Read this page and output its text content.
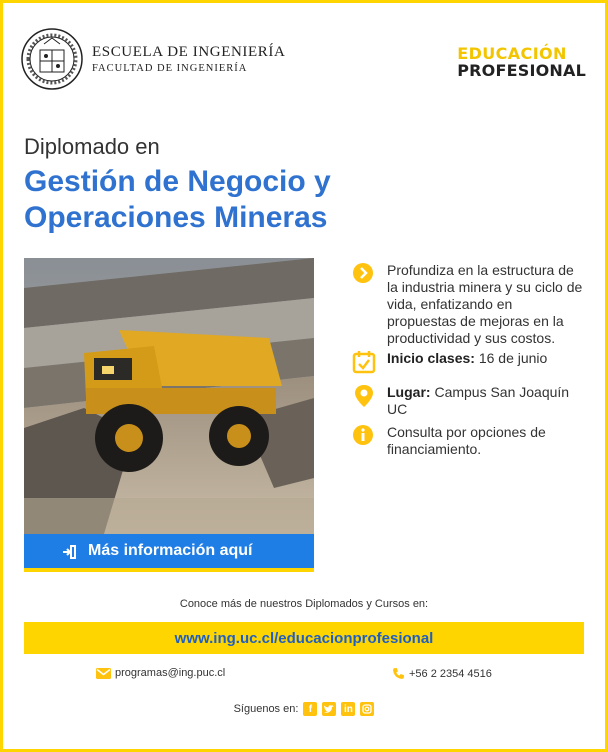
ESCUELA DE INGENIERÍA
FACULTAD DE INGENIERÍA
EDUCACIÓN
PROFESIONAL
Diplomado en
Gestión de Negocio y
Operaciones Mineras
Más información aquí
Profundiza en la estructura de la industria minera y su ciclo de vida, enfatizando en propuestas de mejoras en la productividad y sus costos.
Inicio clases: 16 de junio
Lugar: Campus San Joaquín UC
Consulta por opciones de financiamiento.
Conoce más de nuestros Diplomados y Cursos en:
www.ing.uc.cl/educacionprofesional
programas@ing.puc.cl	+56 2 2354 4516
Síguenos en:	f	in
